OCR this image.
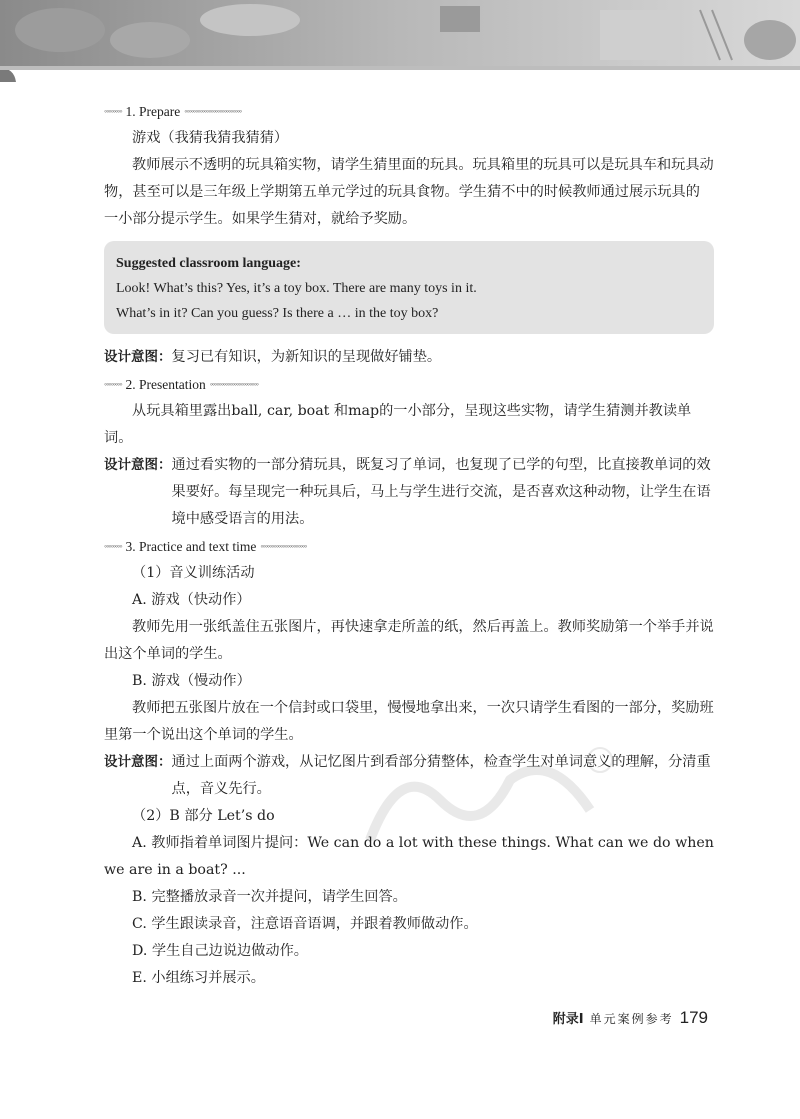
◦◦◦◦◦◦◦◦ 1. Prepare ◦◦◦◦◦◦◦◦◦◦◦◦◦◦◦◦◦◦◦◦◦◦◦◦◦◦

游戏（我猜我猜我猜猜）

教师展示不透明的玩具箱实物，请学生猜里面的玩具。玩具箱里的玩具可以是玩具车和玩具动物，甚至可以是三年级上学期第五单元学过的玩具食物。学生猜不中的时候教师通过展示玩具的一小部分提示学生。如果学生猜对，就给予奖励。

Suggested classroom language:
Look! What’s this? Yes, it’s a toy box. There are many toys in it.
What’s in it? Can you guess? Is there a … in the toy box?
设计意图： 复习已有知识，为新知识的呈现做好铺垫。
◦◦◦◦◦◦◦◦ 2. Presentation ◦◦◦◦◦◦◦◦◦◦◦◦◦◦◦◦◦◦◦◦◦◦

从玩具箱里露出ball, car, boat 和map的一小部分，呈现这些实物，请学生猜测并教读单词。

设计意图： 通过看实物的一部分猜玩具，既复习了单词，也复现了已学的句型，比直接教单词的效果要好。每呈现完一种玩具后，马上与学生进行交流，是否喜欢这种动物，让学生在语境中感受语言的用法。
◦◦◦◦◦◦◦◦ 3. Practice and text time ◦◦◦◦◦◦◦◦◦◦◦◦◦◦◦◦◦◦◦◦◦

（1）音义训练活动

A. 游戏（快动作）

教师先用一张纸盖住五张图片，再快速拿走所盖的纸，然后再盖上。教师奖励第一个举手并说出这个单词的学生。

B. 游戏（慢动作）

教师把五张图片放在一个信封或口袋里，慢慢地拿出来，一次只请学生看图的一部分，奖励班里第一个说出这个单词的学生。

设计意图： 通过上面两个游戏，从记忆图片到看部分猜整体，检查学生对单词意义的理解，分清重点，音义先行。

（2）B 部分 Let’s do

A. 教师指着单词图片提问：We can do a lot with these things. What can we do when we are in a boat? ...

B. 完整播放录音一次并提问，请学生回答。

C. 学生跟读录音，注意语音语调，并跟着教师做动作。

D. 学生自己边说边做动作。

E. 小组练习并展示。

附录I 单元案例参考 179
